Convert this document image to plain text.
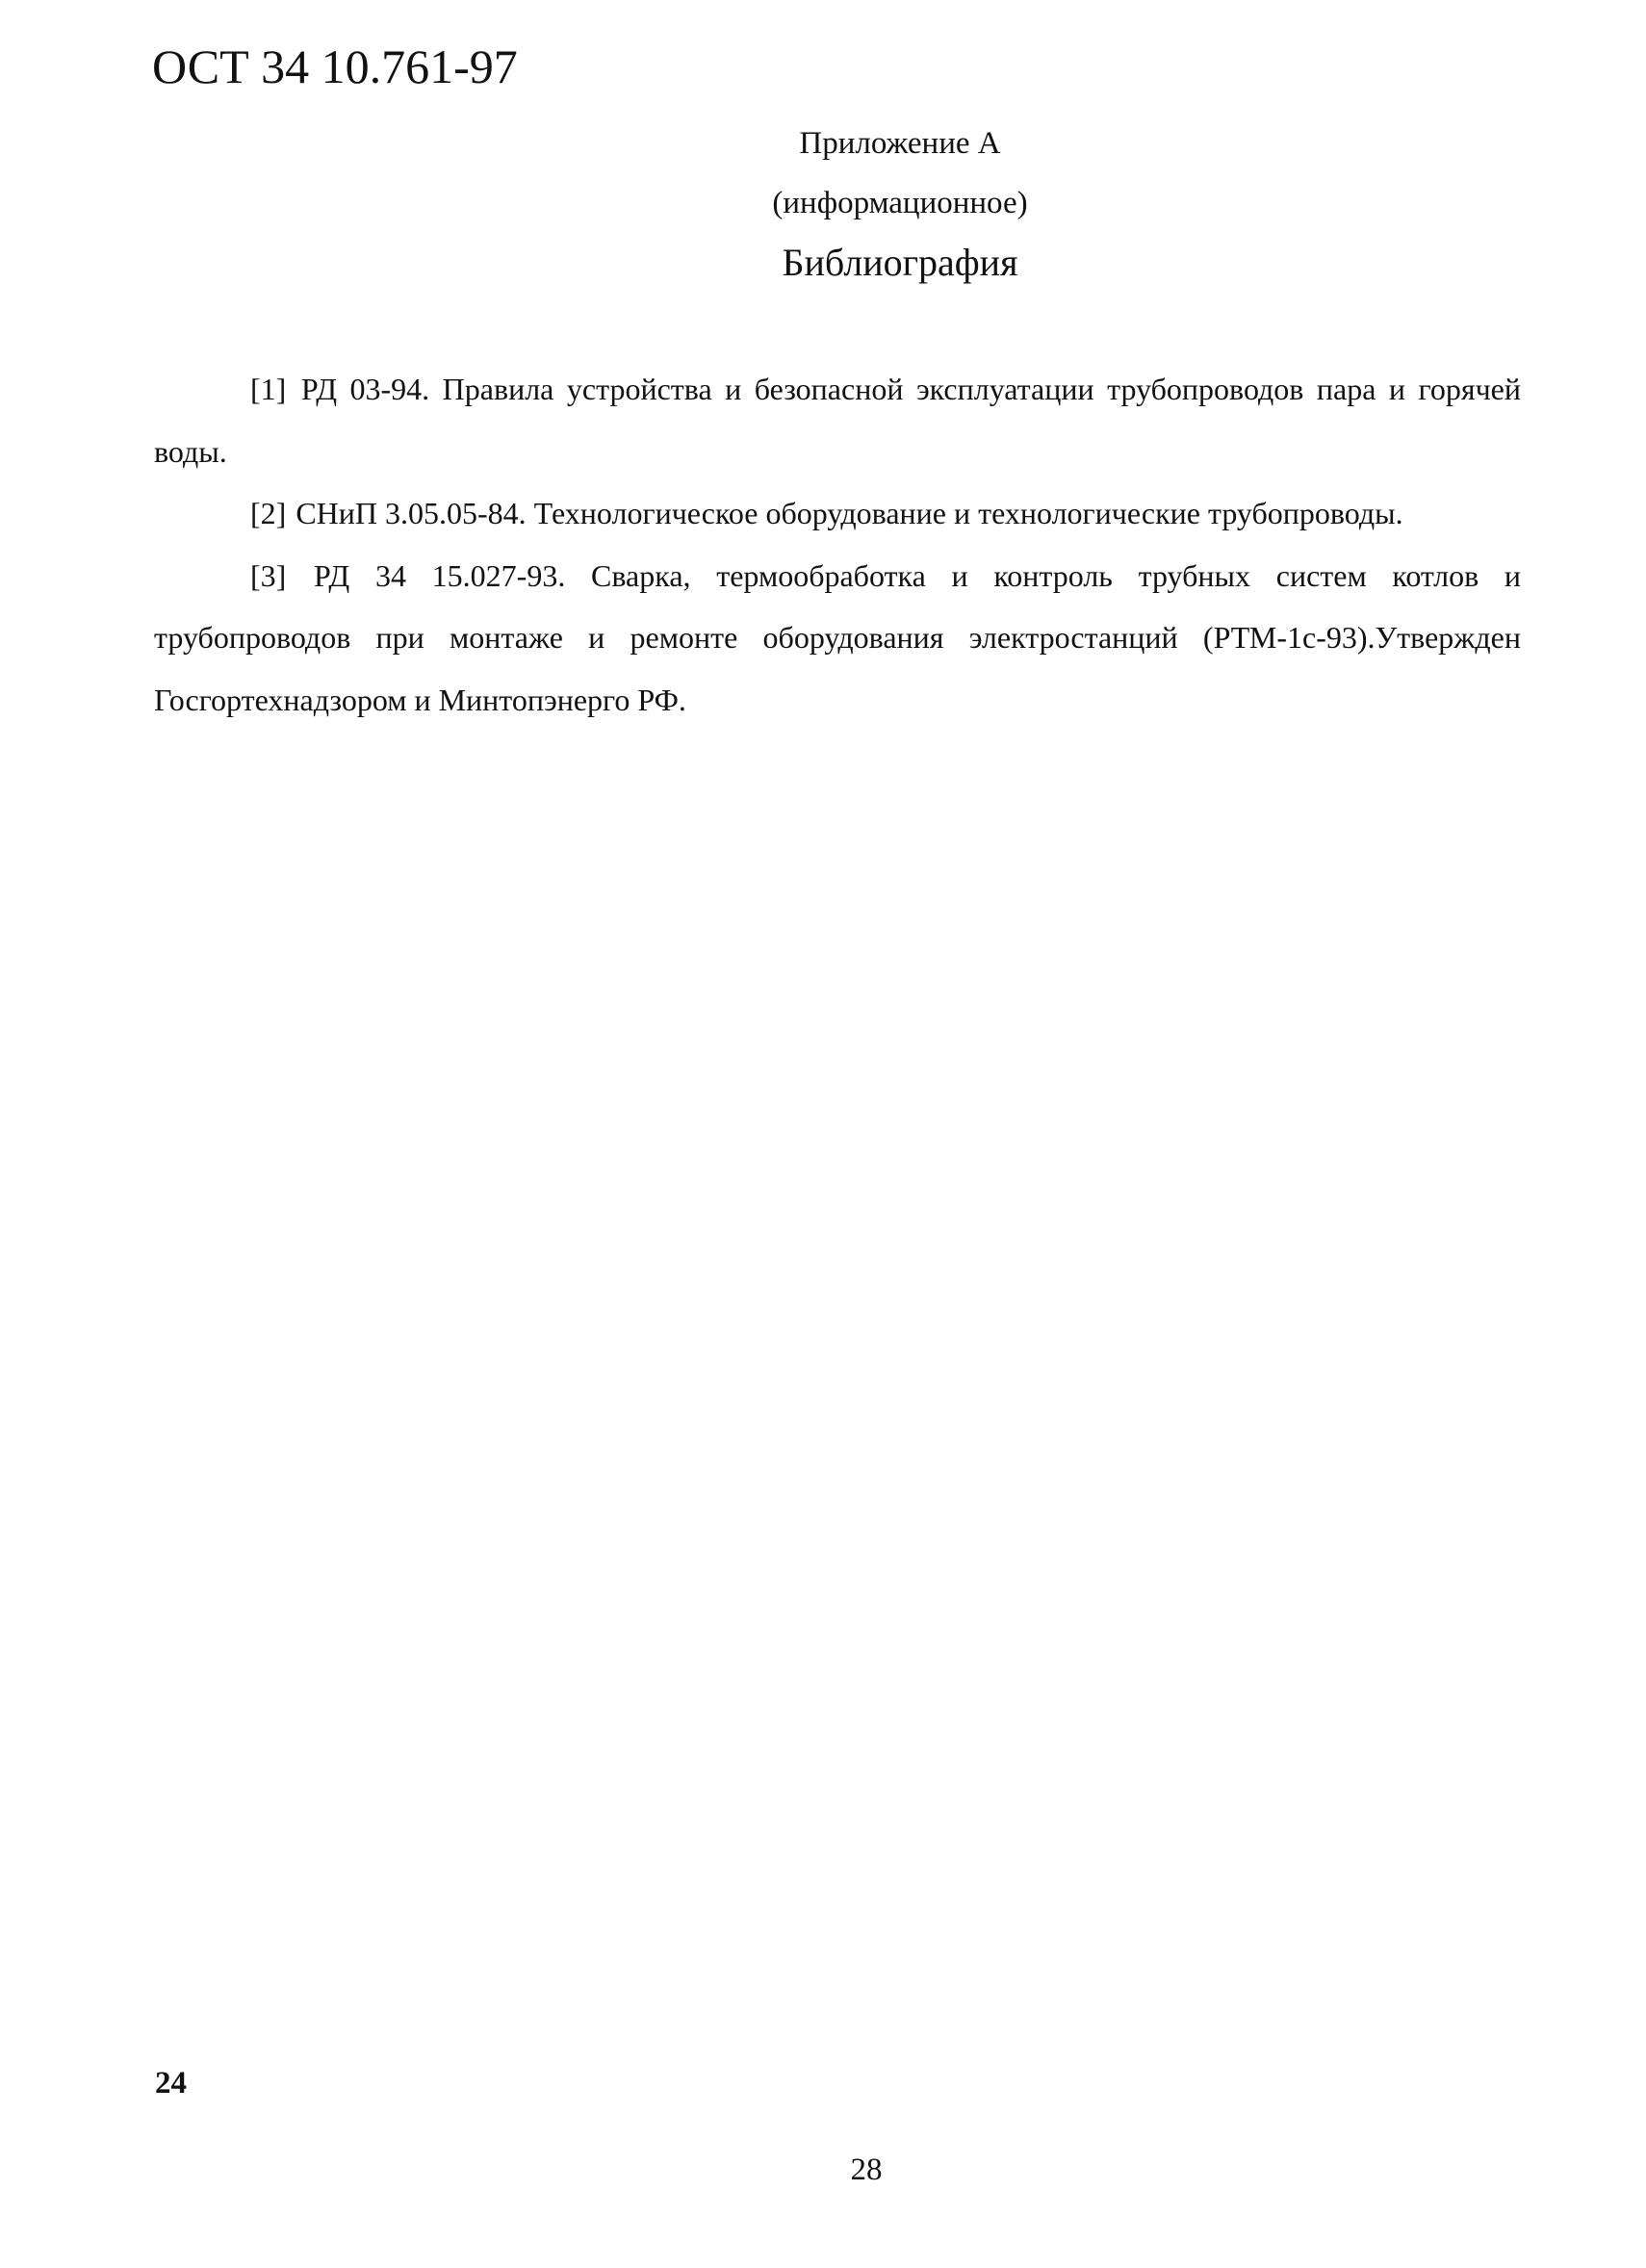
ОСТ 34 10.761-97
Приложение А
(информационное)
Библиография

[1] РД 03-94. Правила устройства и безопасной эксплуатации трубопроводов пара и горячей воды.

[2] СНиП 3.05.05-84. Технологическое оборудование и технологические трубопроводы.

[3] РД 34 15.027-93. Сварка, термообработка и контроль трубных систем котлов и трубопроводов при монтаже и ремонте оборудования электростанций (РТМ-1с-93).Утвержден Госгортехнадзором и Минтопэнерго РФ.

24
28
